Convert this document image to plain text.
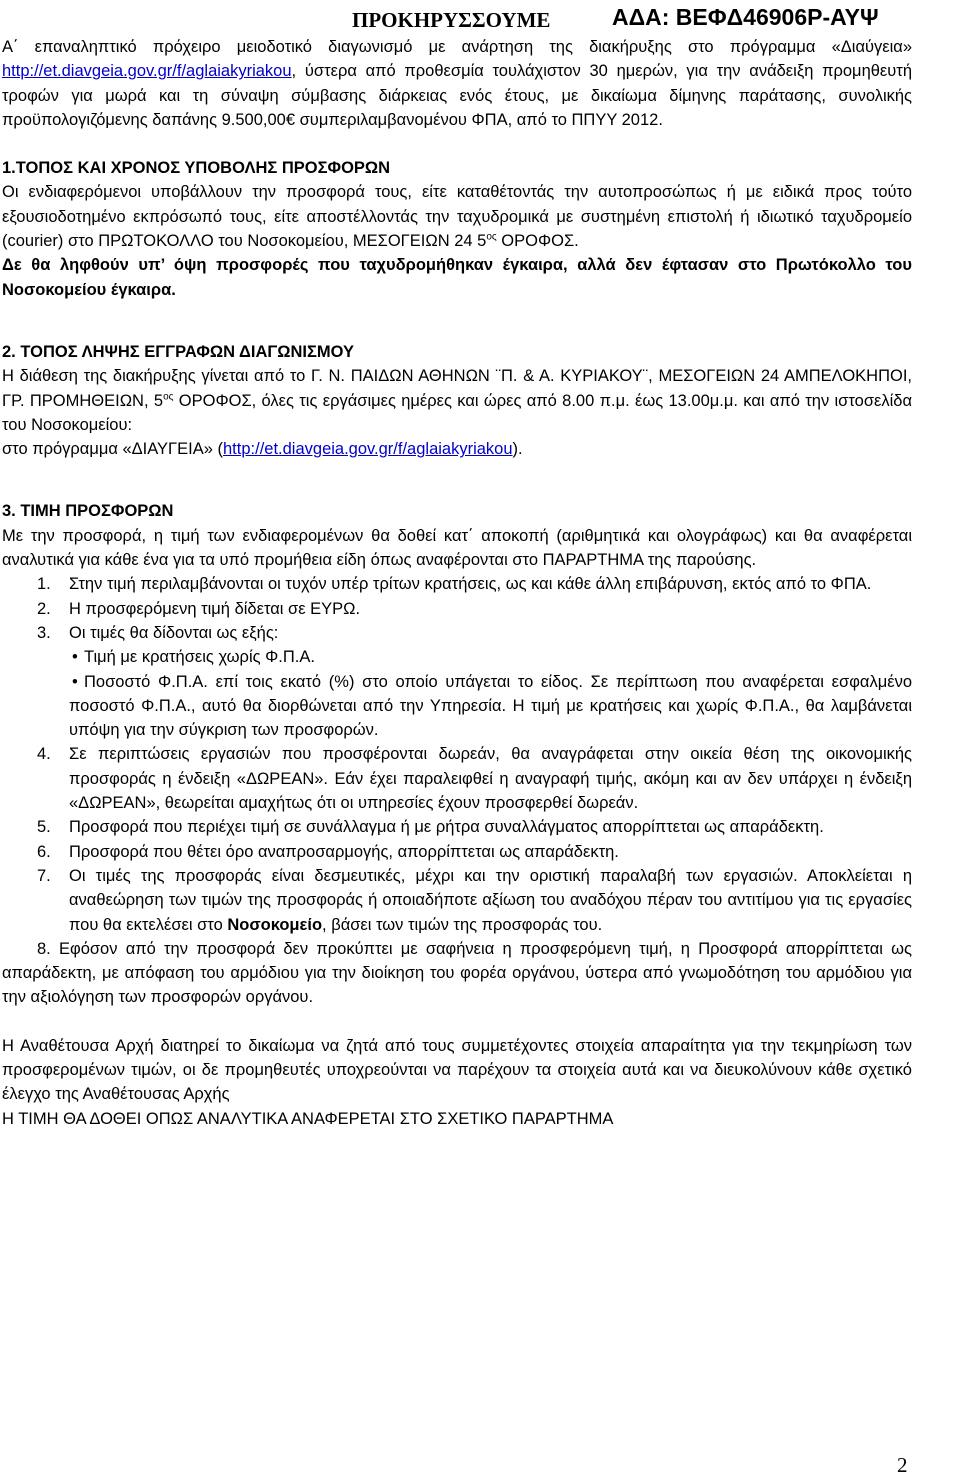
ΠΡΟΚΗΡΥΣΣΟΥΜΕ	ΑΔΑ: ΒΕΦΔ46906Ρ-ΑΥΨ

Α΄ επαναληπτικό πρόχειρο μειοδοτικό διαγωνισμό με ανάρτηση της διακήρυξης στο πρόγραμμα «Διαύγεια» http://et.diavgeia.gov.gr/f/aglaiakyriakou, ύστερα από προθεσμία τουλάχιστον 30 ημερών, για την ανάδειξη προμηθευτή τροφών για μωρά και τη σύναψη σύμβασης διάρκειας ενός έτους, με δικαίωμα δίμηνης παράτασης, συνολικής προϋπολογιζόμενης δαπάνης 9.500,00€ συμπεριλαμβανομένου ΦΠΑ, από το ΠΠΥΥ 2012.

1.ΤΟΠΟΣ ΚΑΙ ΧΡΟΝΟΣ ΥΠΟΒΟΛΗΣ ΠΡΟΣΦΟΡΩΝ

Οι ενδιαφερόμενοι υποβάλλουν την προσφορά τους, είτε καταθέτοντάς την αυτοπροσώπως ή με ειδικά προς τούτο εξουσιοδοτημένο εκπρόσωπό τους, είτε αποστέλλοντάς την ταχυδρομικά με συστημένη επιστολή ή ιδιωτικό ταχυδρομείο (courier) στο ΠΡΩΤΟΚΟΛΛΟ του Νοσοκομείου, ΜΕΣΟΓΕΙΩΝ 24 $5^{o\varsigma}$ ΟΡΟΦΟΣ.

Δε θα ληφθούν υπ’ όψη προσφορές που ταχυδρομήθηκαν έγκαιρα, αλλά δεν έφτασαν στο Πρωτόκολλο του Νοσοκομείου έγκαιρα.

2. ΤΟΠΟΣ ΛΗΨΗΣ ΕΓΓΡΑΦΩΝ ΔΙΑΓΩΝΙΣΜΟΥ

Η διάθεση της διακήρυξης γίνεται από το Γ. Ν. ΠΑΙΔΩΝ ΑΘΗΝΩΝ ¨Π. & Α. ΚΥΡΙΑΚΟΥ¨, ΜΕΣΟΓΕΙΩΝ 24 ΑΜΠΕΛΟΚΗΠΟΙ, ΓΡ. ΠΡΟΜΗΘΕΙΩΝ, $5^{o\varsigma}$ ΟΡΟΦΟΣ, όλες τις εργάσιμες ημέρες και ώρες από 8.00 π.μ. έως 13.00μ.μ. και από την ιστοσελίδα του Νοσοκομείου:

στο πρόγραμμα «ΔΙΑΥΓΕΙΑ» (http://et.diavgeia.gov.gr/f/aglaiakyriakou).

3. ΤΙΜΗ ΠΡΟΣΦΟΡΩΝ

Με την προσφορά, η τιμή των ενδιαφερομένων θα δοθεί κατ΄ αποκοπή (αριθμητικά και ολογράφως) και θα αναφέρεται αναλυτικά για κάθε ένα για τα υπό προμήθεια είδη όπως αναφέρονται στο ΠΑΡΑΡΤΗΜΑ της παρούσης.

1. Στην τιμή περιλαμβάνονται οι τυχόν υπέρ τρίτων κρατήσεις, ως και κάθε άλλη επιβάρυνση, εκτός από το ΦΠΑ.
2. Η προσφερόμενη τιμή δίδεται σε ΕΥΡΩ.
3. Οι τιμές θα δίδονται ως εξής:
• Τιμή με κρατήσεις χωρίς Φ.Π.Α.
• Ποσοστό Φ.Π.Α. επί τοις εκατό (%) στο οποίο υπάγεται το είδος. Σε περίπτωση που αναφέρεται εσφαλμένο ποσοστό Φ.Π.Α., αυτό θα διορθώνεται από την Υπηρεσία. Η τιμή με κρατήσεις και χωρίς Φ.Π.Α., θα λαμβάνεται υπόψη για την σύγκριση των προσφορών.
4. Σε περιπτώσεις εργασιών που προσφέρονται δωρεάν, θα αναγράφεται στην οικεία θέση της οικονομικής προσφοράς η ένδειξη «ΔΩΡΕΑΝ». Εάν έχει παραλειφθεί η αναγραφή τιμής, ακόμη και αν δεν υπάρχει η ένδειξη «ΔΩΡΕΑΝ», θεωρείται αμαχήτως ότι οι υπηρεσίες έχουν προσφερθεί δωρεάν.
5. Προσφορά που περιέχει τιμή σε συνάλλαγμα ή με ρήτρα συναλλάγματος απορρίπτεται ως απαράδεκτη.
6. Προσφορά που θέτει όρο αναπροσαρμογής, απορρίπτεται ως απαράδεκτη.
7. Οι τιμές της προσφοράς είναι δεσμευτικές, μέχρι και την οριστική παραλαβή των εργασιών. Αποκλείεται η αναθεώρηση των τιμών της προσφοράς ή οποιαδήποτε αξίωση του αναδόχου πέραν του αντιτίμου για τις εργασίες που θα εκτελέσει στο Νοσοκομείο, βάσει των τιμών της προσφοράς του.

8. Εφόσον από την προσφορά δεν προκύπτει με σαφήνεια η προσφερόμενη τιμή, η Προσφορά απορρίπτεται ως απαράδεκτη, με απόφαση του αρμόδιου για την διοίκηση του φορέα οργάνου, ύστερα από γνωμοδότηση του αρμόδιου για την αξιολόγηση των προσφορών οργάνου.

Η Αναθέτουσα Αρχή διατηρεί το δικαίωμα να ζητά από τους συμμετέχοντες στοιχεία απαραίτητα για την τεκμηρίωση των προσφερομένων τιμών, οι δε προμηθευτές υποχρεούνται να παρέχουν τα στοιχεία αυτά και να διευκολύνουν κάθε σχετικό έλεγχο της Αναθέτουσας Αρχής

Η ΤΙΜΗ ΘΑ ΔΟΘΕΙ ΟΠΩΣ ΑΝΑΛΥΤΙΚΑ ΑΝΑΦΕΡΕΤΑΙ ΣΤΟ ΣΧΕΤΙΚΟ ΠΑΡΑΡΤΗΜΑ

2
